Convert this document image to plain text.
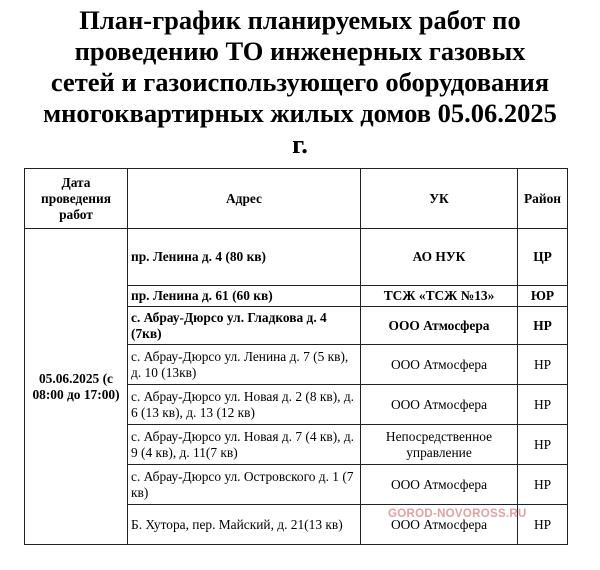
План-график планируемых работ по
проведению ТО инженерных газовых
сетей и газоиспользующего оборудования
многоквартирных жилых домов 05.06.2025
г.
Дата проведения работ	Адрес	УК	Район
05.06.2025 (с 08:00 до 17:00)	пр. Ленина д. 4 (80 кв)	АО НУК	ЦР
	пр. Ленина д. 61 (60 кв)	ТСЖ «ТСЖ №13»	ЮР
	с. Абрау-Дюрсо ул. Гладкова д. 4 (7кв)	ООО Атмосфера	НР
	с. Абрау-Дюрсо ул. Ленина д. 7 (5 кв), д. 10 (13кв)	ООО Атмосфера	НР
	с. Абрау-Дюрсо ул. Новая д. 2 (8 кв), д. 6 (13 кв), д. 13 (12 кв)	ООО Атмосфера	НР
	с. Абрау-Дюрсо ул. Новая д. 7 (4 кв), д. 9 (4 кв), д. 11(7 кв)	Непосредственное управление	НР
	с. Абрау-Дюрсо ул. Островского д. 1 (7 кв)	ООО Атмосфера	НР
	Б. Хутора, пер. Майский, д. 21(13 кв)	ООО Атмосфера	НР
GOROD-NOVOROSS.RU
